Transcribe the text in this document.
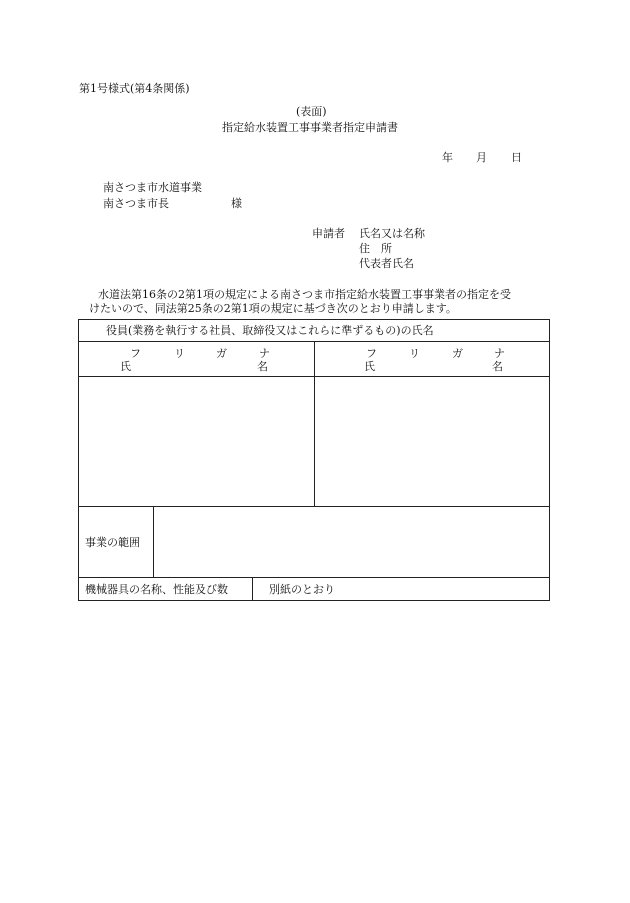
第1号様式(第4条関係)
(表面)
指定給水装置工事事業者指定申請書
年 月 日
南さつま市水道事業
南さつま市長	様
申請者 氏名又は名称
住　所
代表者氏名
水道法第16条の2第1項の規定による南さつま市指定給水装置工事事業者の指定を受
けたいので、同法第25条の2第1項の規定に基づき次のとおり申請します。
役員(業務を執行する社員、取締役又はこれらに準ずるもの)の氏名
フ	リ	ガ	ナ
氏	名
フ	リ	ガ	ナ
氏	名
事業の範囲
機械器具の名称、性能及び数	別紙のとおり
